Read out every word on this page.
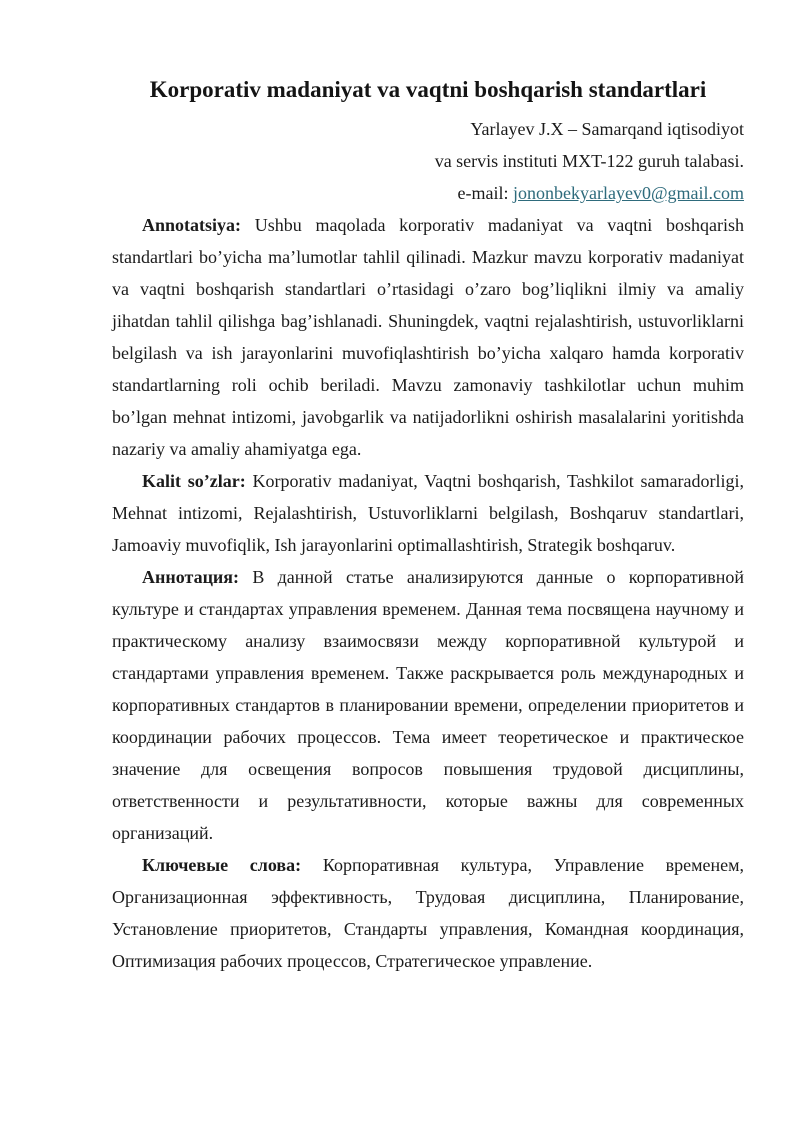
Korporativ madaniyat va vaqtni boshqarish standartlari
Yarlayev J.X – Samarqand iqtisodiyot
va servis instituti MXT-122 guruh talabasi.
e-mail: jononbekyarlayev0@gmail.com

Annotatsiya: Ushbu maqolada korporativ madaniyat va vaqtni boshqarish standartlari bo’yicha ma’lumotlar tahlil qilinadi. Mazkur mavzu korporativ madaniyat va vaqtni boshqarish standartlari o’rtasidagi o’zaro bog’liqlikni ilmiy va amaliy jihatdan tahlil qilishga bag’ishlanadi. Shuningdek, vaqtni rejalashtirish, ustuvorliklarni belgilash va ish jarayonlarini muvofiqlashtirish bo’yicha xalqaro hamda korporativ standartlarning roli ochib beriladi. Mavzu zamonaviy tashkilotlar uchun muhim bo’lgan mehnat intizomi, javobgarlik va natijadorlikni oshirish masalalarini yoritishda nazariy va amaliy ahamiyatga ega.

Kalit so’zlar: Korporativ madaniyat, Vaqtni boshqarish, Tashkilot samaradorligi, Mehnat intizomi, Rejalashtirish, Ustuvorliklarni belgilash, Boshqaruv standartlari, Jamoaviy muvofiqlik, Ish jarayonlarini optimallashtirish, Strategik boshqaruv.

Аннотация: В данной статье анализируются данные о корпоративной культуре и стандартах управления временем. Данная тема посвящена научному и практическому анализу взаимосвязи между корпоративной культурой и стандартами управления временем. Также раскрывается роль международных и корпоративных стандартов в планировании времени, определении приоритетов и координации рабочих процессов. Тема имеет теоретическое и практическое значение для освещения вопросов повышения трудовой дисциплины, ответственности и результативности, которые важны для современных организаций.

Ключевые слова: Корпоративная культура, Управление временем, Организационная эффективность, Трудовая дисциплина, Планирование, Установление приоритетов, Стандарты управления, Командная координация, Оптимизация рабочих процессов, Стратегическое управление.
